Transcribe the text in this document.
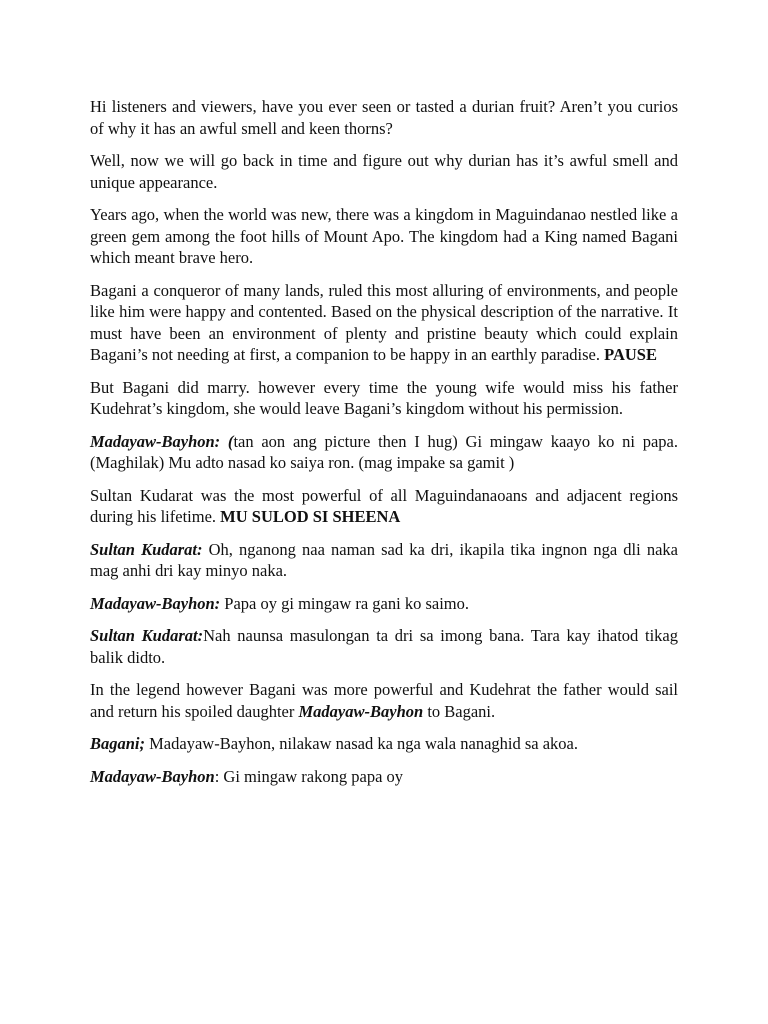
Hi listeners and viewers, have you ever seen or tasted a durian fruit? Aren’t you curios of why it has an awful smell and keen thorns?

Well, now we will go back in time and figure out why durian has it’s awful smell and unique appearance.

Years ago, when the world was new, there was a kingdom in Maguindanao nestled like a green gem among the foot hills of Mount Apo. The kingdom had a King named Bagani which meant brave hero.

Bagani a conqueror of many lands, ruled this most alluring of environments, and people like him were happy and contented. Based on the physical description of the narrative. It must have been an environment of plenty and pristine beauty which could explain Bagani’s not needing at first, a companion to be happy in an earthly paradise. PAUSE

But Bagani did marry. however every time the young wife would miss his father Kudehrat’s kingdom, she would leave Bagani’s kingdom without his permission.

Madayaw-Bayhon: (tan aon ang picture then I hug) Gi mingaw kaayo ko ni papa. (Maghilak) Mu adto nasad ko saiya ron. (mag impake sa gamit )

Sultan Kudarat was the most powerful of all Maguindanaoans and adjacent regions during his lifetime. MU SULOD SI SHEENA

Sultan Kudarat: Oh, nganong naa naman sad ka dri, ikapila tika ingnon nga dli naka mag anhi dri kay minyo naka.

Madayaw-Bayhon: Papa oy gi mingaw ra gani ko saimo.

Sultan Kudarat:Nah naunsa masulongan ta dri sa imong bana. Tara kay ihatod tikag balik didto.

In the legend however Bagani was more powerful and Kudehrat the father would sail and return his spoiled daughter Madayaw-Bayhon to Bagani.

Bagani; Madayaw-Bayhon, nilakaw nasad ka nga wala nanaghid sa akoa.

Madayaw-Bayhon: Gi mingaw rakong papa oy
